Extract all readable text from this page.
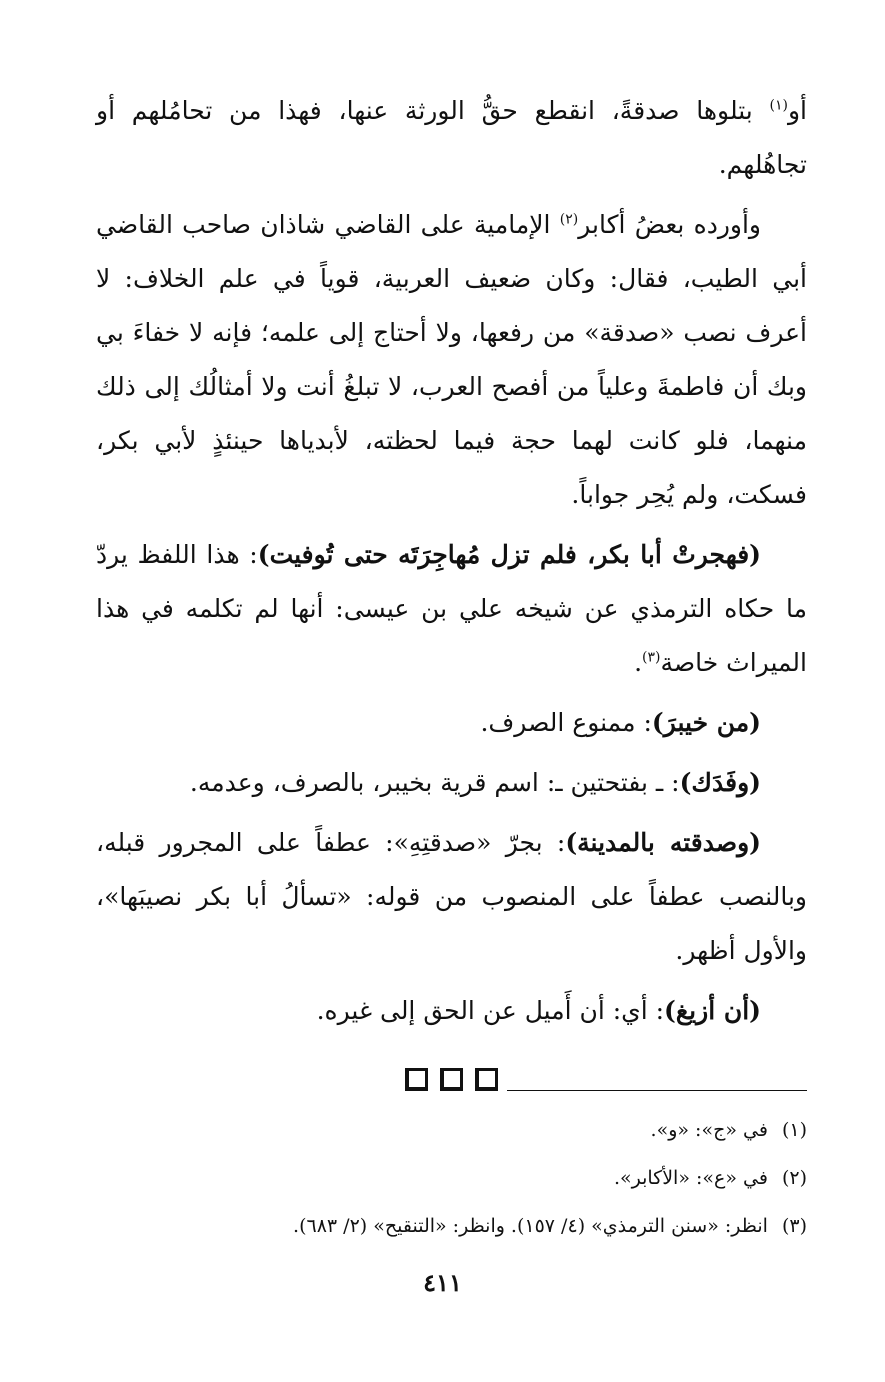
أو$^{(١)}$ بتلوها صدقةً، انقطع حقُّ الورثة عنها، فهذا من تحامُلهم أو تجاهُلهم.

وأورده بعضُ أكابر$^{(٢)}$ الإمامية على القاضي شاذان صاحب القاضي أبي الطيب، فقال: وكان ضعيف العربية، قوياً في علم الخلاف: لا أعرف نصب «صدقة» من رفعها، ولا أحتاج إلى علمه؛ فإنه لا خفاءَ بي وبك أن فاطمةَ وعلياً من أفصح العرب، لا تبلغُ أنت ولا أمثالُك إلى ذلك منهما، فلو كانت لهما حجة فيما لحظته، لأبدياها حينئذٍ لأبي بكر، فسكت، ولم يُحِر جواباً.

(فهجرتْ أبا بكر، فلم تزل مُهاجِرَتَه حتى تُوفيت): هذا اللفظ يردّ ما حكاه الترمذي عن شيخه علي بن عيسى: أنها لم تكلمه في هذا الميراث خاصة$^{(٣)}$.

(من خيبرَ): ممنوع الصرف.

(وفَدَك): ـ بفتحتين ـ: اسم قرية بخيبر، بالصرف، وعدمه.

(وصدقته بالمدينة): بجرّ «صدقتِهِ»: عطفاً على المجرور قبله، وبالنصب عطفاً على المنصوب من قوله: «تسألُ أبا بكر نصيبَها»، والأول أظهر.

(أن أزيغ): أي: أن أَميل عن الحق إلى غيره.

(١)في «ج»: «و».

(٢)في «ع»: «الأكابر».

(٣)انظر: «سنن الترمذي» (٤/ ١٥٧). وانظر: «التنقيح» (٢/ ٦٨٣).

٤١١
